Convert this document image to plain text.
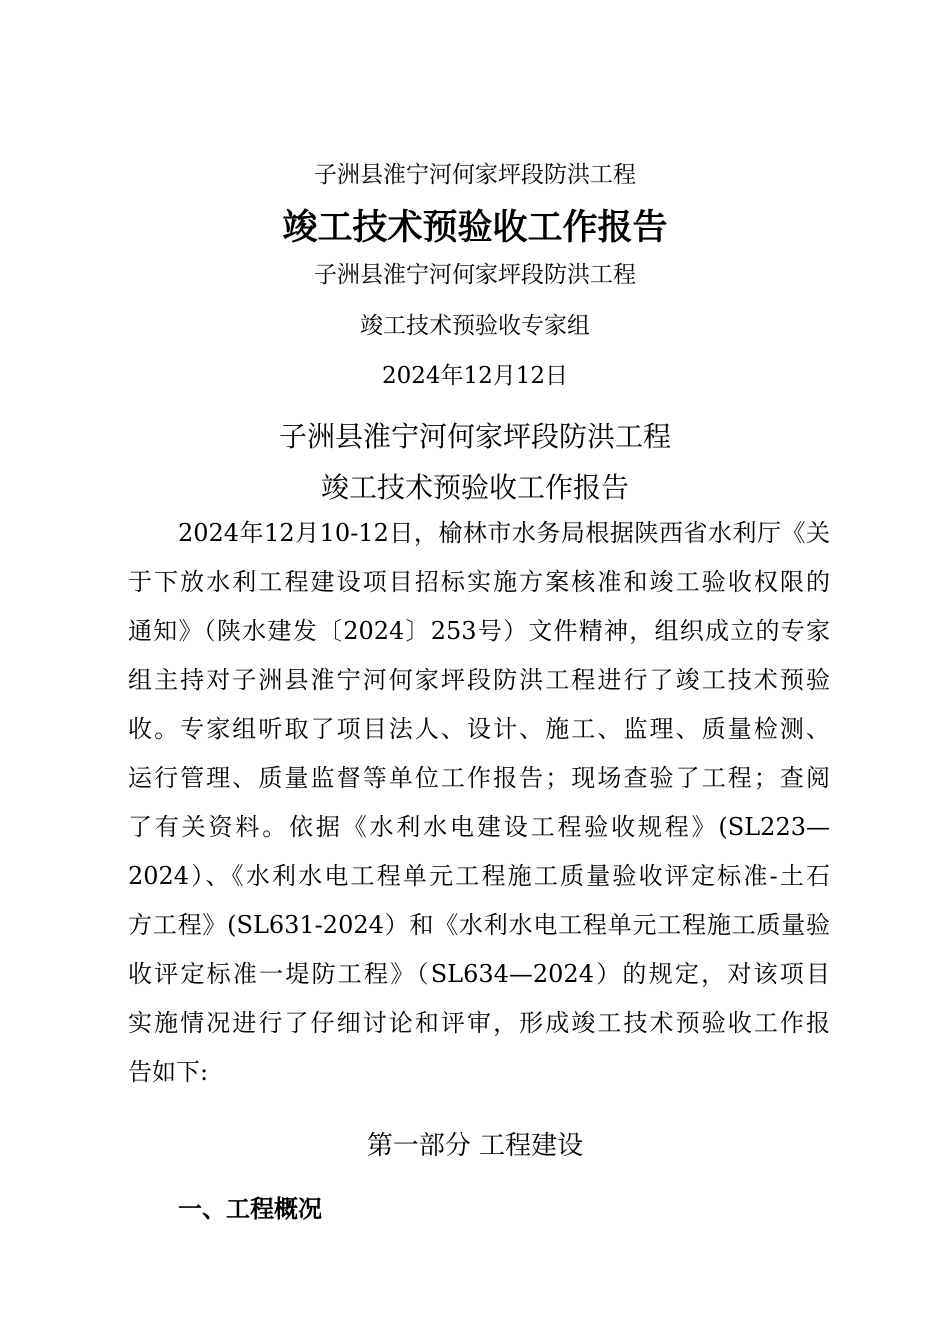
子洲县淮宁河何家坪段防洪工程
竣工技术预验收工作报告
子洲县淮宁河何家坪段防洪工程
竣工技术预验收专家组
2024年12月12日
子洲县淮宁河何家坪段防洪工程
竣工技术预验收工作报告
2024年12月10-12日，榆林市水务局根据陕西省水利厅《关
于下放水利工程建设项目招标实施方案核准和竣工验收权限的
通知》（陕水建发〔2024〕253号）文件精神，组织成立的专家
组主持对子洲县淮宁河何家坪段防洪工程进行了竣工技术预验
收。专家组听取了项目法人、设计、施工、监理、质量检测、
运行管理、质量监督等单位工作报告；现场查验了工程；查阅
了有关资料。依据《水利水电建设工程验收规程》(SL223—
2024）、《水利水电工程单元工程施工质量验收评定标准-土石
方工程》(SL631-2024）和《水利水电工程单元工程施工质量验
收评定标准一堤防工程》（SL634—2024）的规定，对该项目
实施情况进行了仔细讨论和评审，形成竣工技术预验收工作报
告如下:
第一部分 工程建设
一、工程概况
